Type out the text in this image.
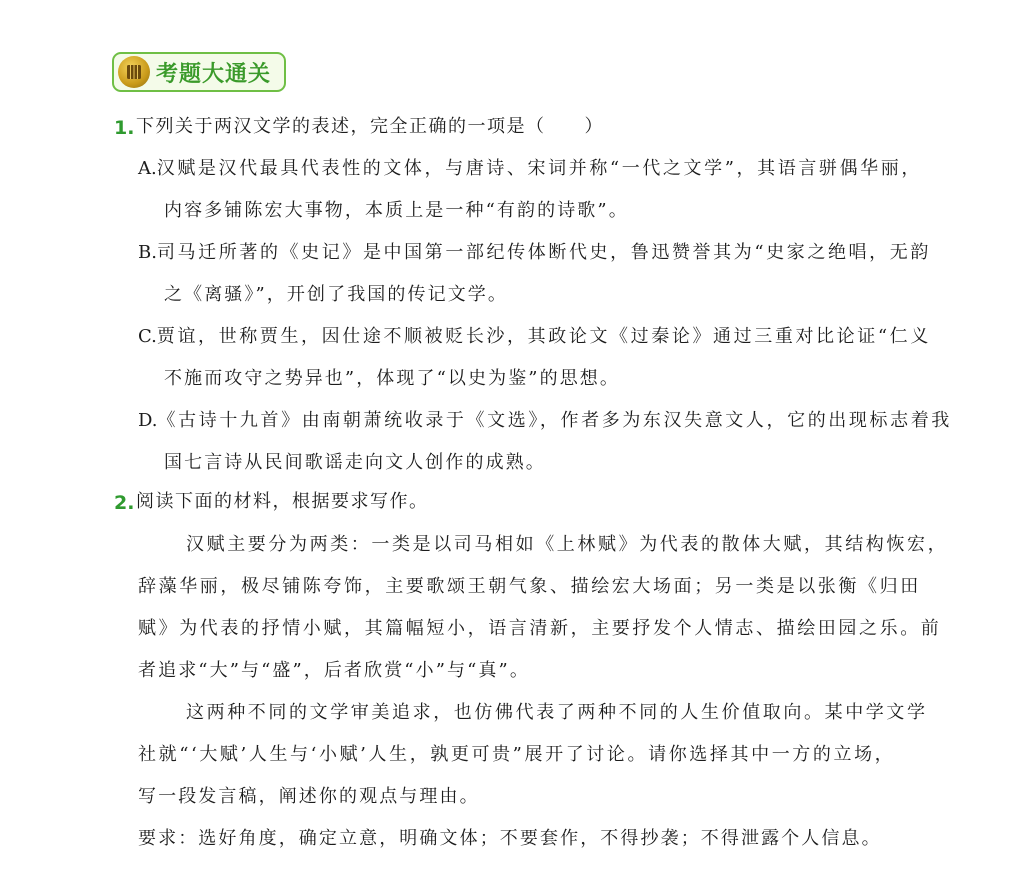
考题大通关
1. 下列关于两汉文学的表述，完全正确的一项是（　　）
A.汉赋是汉代最具代表性的文体，与唐诗、宋词并称“一代之文学”，其语言骈偶华丽，
内容多铺陈宏大事物，本质上是一种“有韵的诗歌”。
B.司马迁所著的《史记》是中国第一部纪传体断代史，鲁迅赞誉其为“史家之绝唱，无韵
之《离骚》”，开创了我国的传记文学。
C.贾谊，世称贾生，因仕途不顺被贬长沙，其政论文《过秦论》通过三重对比论证“仁义
不施而攻守之势异也”，体现了“以史为鉴”的思想。
D.《古诗十九首》由南朝萧统收录于《文选》，作者多为东汉失意文人，它的出现标志着我
国七言诗从民间歌谣走向文人创作的成熟。
2. 阅读下面的材料，根据要求写作。
汉赋主要分为两类：一类是以司马相如《上林赋》为代表的散体大赋，其结构恢宏，
辞藻华丽，极尽铺陈夸饰，主要歌颂王朝气象、描绘宏大场面；另一类是以张衡《归田
赋》为代表的抒情小赋，其篇幅短小，语言清新，主要抒发个人情志、描绘田园之乐。前
者追求“大”与“盛”，后者欣赏“小”与“真”。
这两种不同的文学审美追求，也仿佛代表了两种不同的人生价值取向。某中学文学
社就“‘大赋’人生与‘小赋’人生，孰更可贵”展开了讨论。请你选择其中一方的立场，
写一段发言稿，阐述你的观点与理由。
要求：选好角度，确定立意，明确文体；不要套作，不得抄袭；不得泄露个人信息。
